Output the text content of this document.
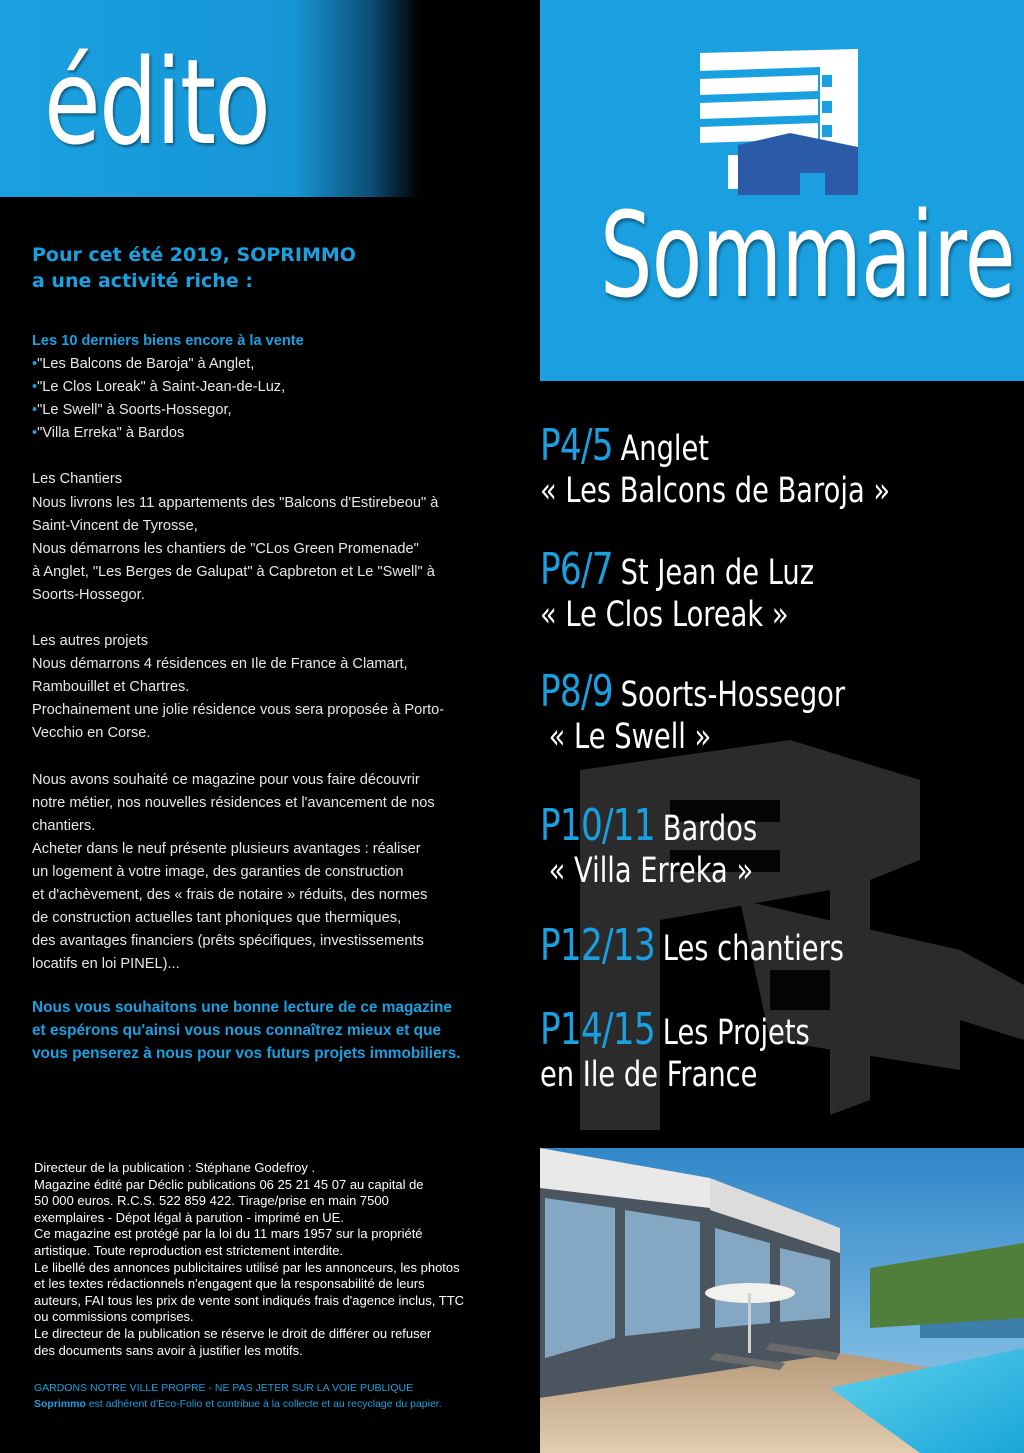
édito
Pour cet été 2019, SOPRIMMO
a une activité riche :
Les 10 derniers biens encore à la vente
•"Les Balcons de Baroja" à Anglet,
•"Le Clos Loreak" à Saint-Jean-de-Luz,
•"Le Swell" à Soorts-Hossegor,
•"Villa Erreka" à Bardos
Les Chantiers
Nous livrons les 11 appartements des "Balcons d'Estirebeou" à
Saint-Vincent de Tyrosse,
Nous démarrons les chantiers de "CLos Green Promenade"
à Anglet, "Les Berges de Galupat" à Capbreton et Le "Swell" à
Soorts-Hossegor.
Les autres projets
Nous démarrons 4 résidences en Ile de France à Clamart,
Rambouillet et Chartres.
Prochainement une jolie résidence vous sera proposée à Porto-
Vecchio en Corse.
Nous avons souhaité ce magazine pour vous faire découvrir
notre métier, nos nouvelles résidences et l'avancement de nos
chantiers.
Acheter dans le neuf présente plusieurs avantages : réaliser
un logement à votre image, des garanties de construction
et d'achèvement, des « frais de notaire » réduits, des normes
de construction actuelles tant phoniques que thermiques,
des avantages financiers (prêts spécifiques, investissements
locatifs en loi PINEL)...
Nous vous souhaitons une bonne lecture de ce magazine
et espérons qu'ainsi vous nous connaîtrez mieux et que
vous penserez à nous pour vos futurs projets immobiliers.
Directeur de la publication : Stéphane Godefroy .
Magazine édité par Déclic publications 06 25 21 45 07 au capital de
50 000 euros. R.C.S. 522 859 422. Tirage/prise en main 7500
exemplaires - Dépot légal à parution - imprimé en UE.
Ce magazine est protégé par la loi du 11 mars 1957 sur la propriété
artistique. Toute reproduction est strictement interdite.
Le libellé des annonces publicitaires utilisé par les annonceurs, les photos
et les textes rédactionnels n'engagent que la responsabilité de leurs
auteurs, FAI tous les prix de vente sont indiqués frais d'agence inclus, TTC
ou commissions comprises.
Le directeur de la publication se réserve le droit de différer ou refuser
des documents sans avoir à justifier les motifs.
GARDONS NOTRE VILLE PROPRE - NE PAS JETER SUR LA VOIE PUBLIQUE
Soprimmo est adhérent d'Eco-Folio et contribue à la collecte et au recyclage du papier.
Sommaire
P4/5 Anglet
« Les Balcons de Baroja »
P6/7 St Jean de Luz
« Le Clos Loreak »
P8/9 Soorts-Hossegor
« Le Swell »
P10/11 Bardos
« Villa Erreka »
P12/13 Les chantiers
P14/15 Les Projets
en Ile de France
